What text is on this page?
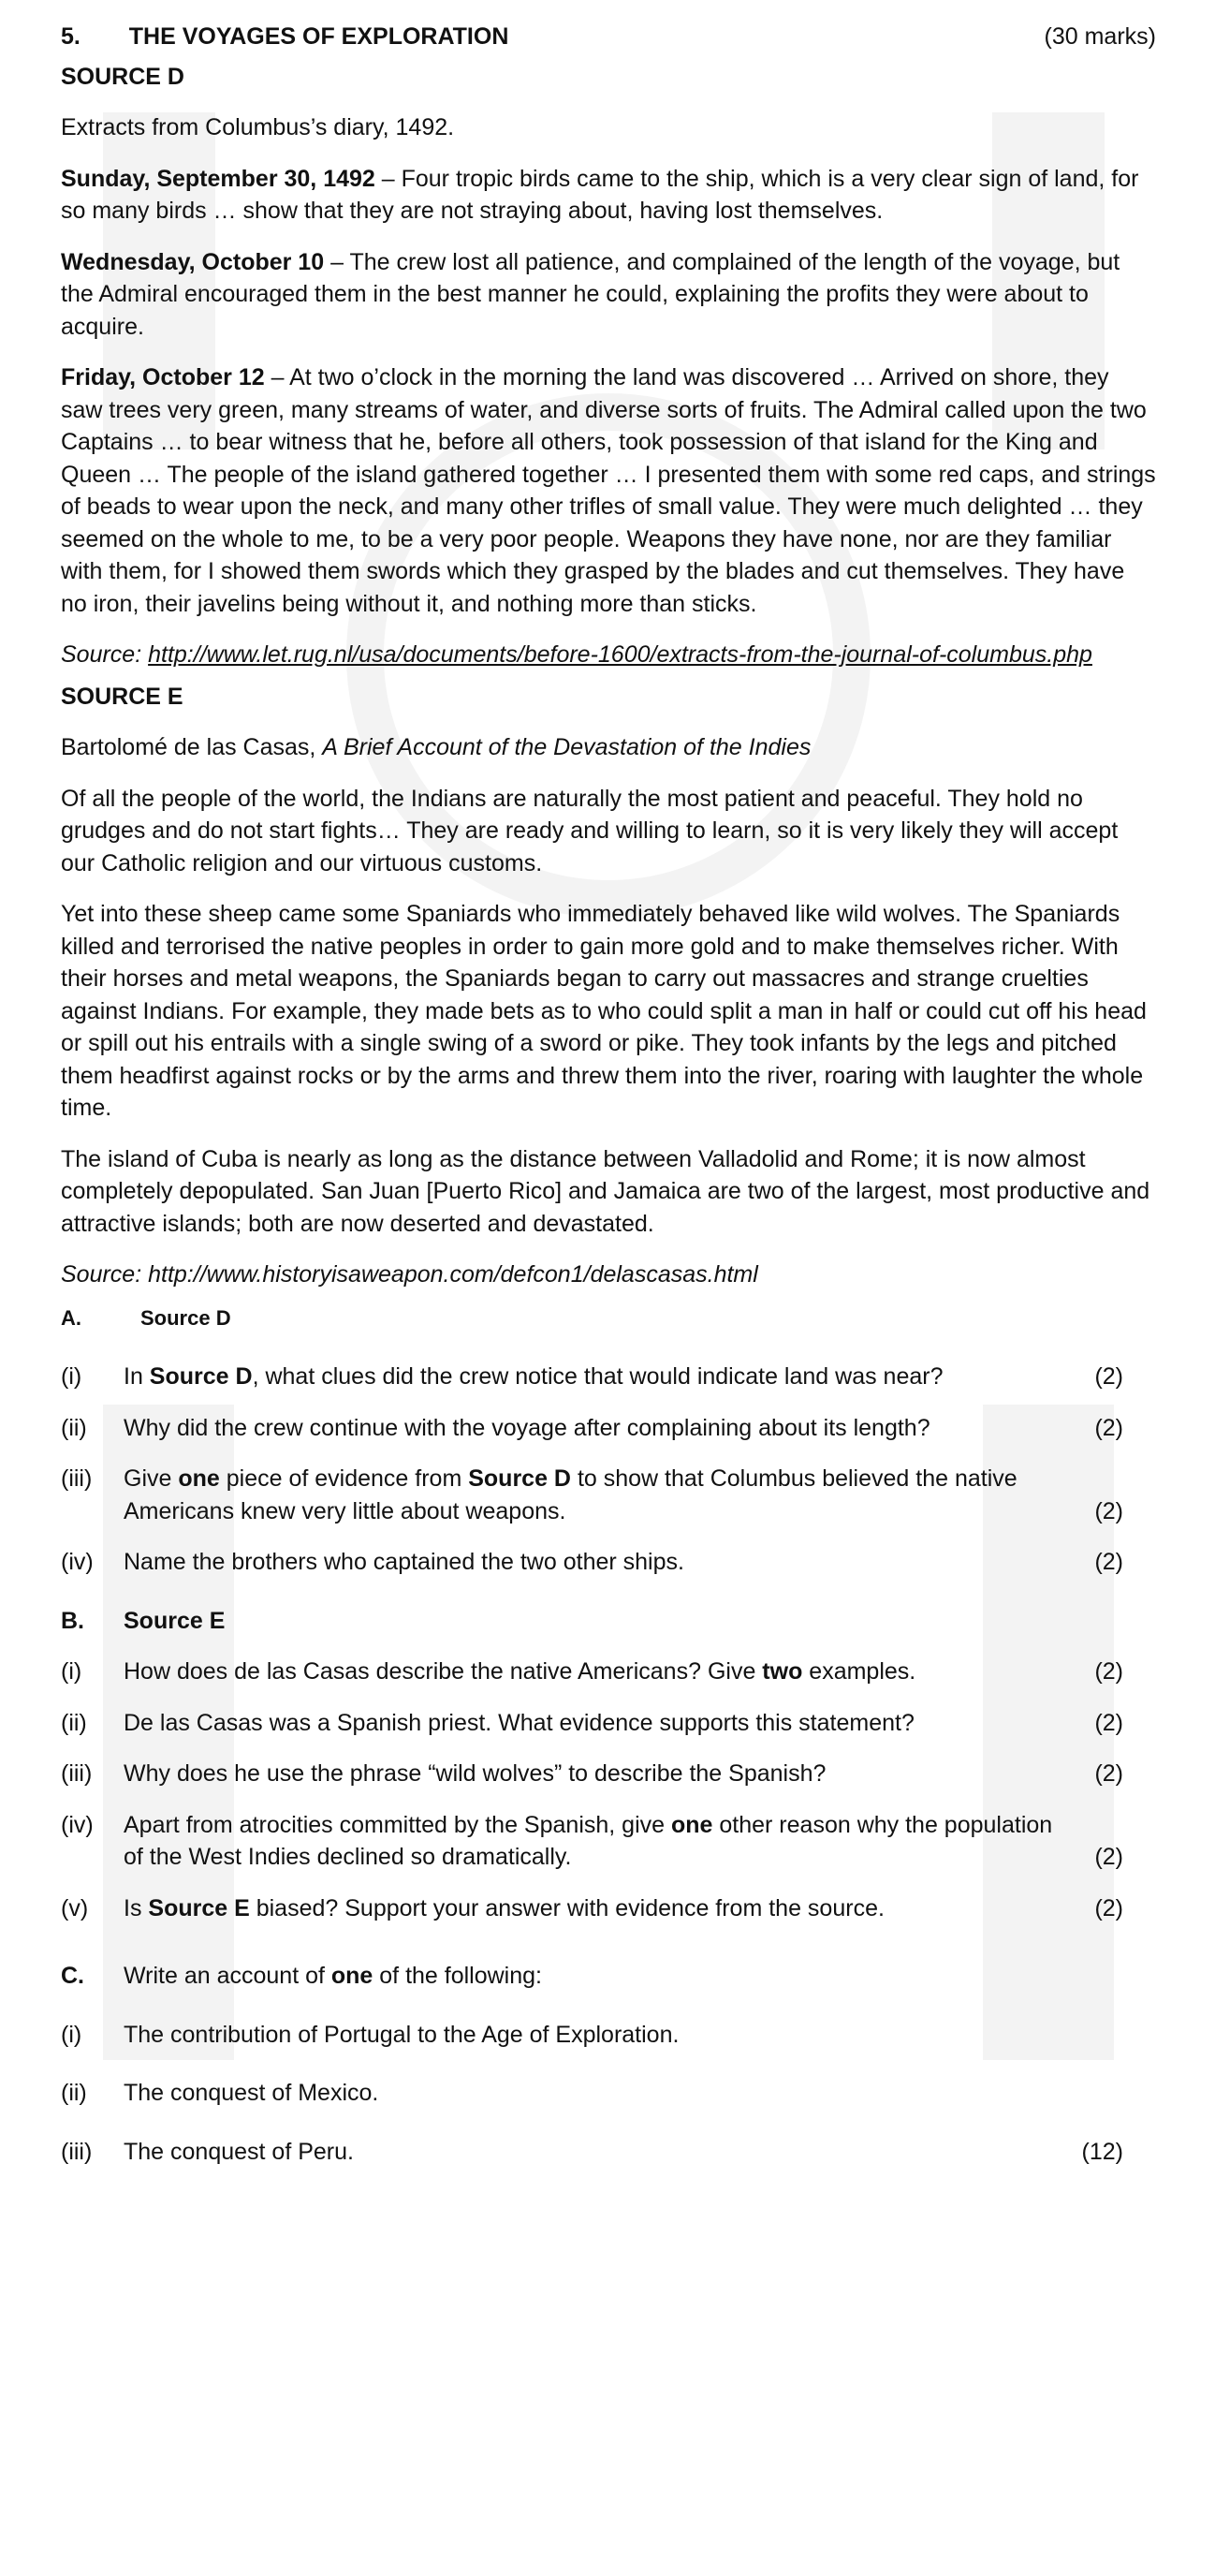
5. THE VOYAGES OF EXPLORATION	(30 marks)

SOURCE D

Extracts from Columbus’s diary, 1492.

Sunday, September 30, 1492 – Four tropic birds came to the ship, which is a very clear sign of land, for so many birds … show that they are not straying about, having lost themselves.

Wednesday, October 10 – The crew lost all patience, and complained of the length of the voyage, but the Admiral encouraged them in the best manner he could, explaining the profits they were about to acquire.

Friday, October 12 – At two o’clock in the morning the land was discovered … Arrived on shore, they saw trees very green, many streams of water, and diverse sorts of fruits. The Admiral called upon the two Captains … to bear witness that he, before all others, took possession of that island for the King and Queen … The people of the island gathered together … I presented them with some red caps, and strings of beads to wear upon the neck, and many other trifles of small value. They were much delighted … they seemed on the whole to me, to be a very poor people. Weapons they have none, nor are they familiar with them, for I showed them swords which they grasped by the blades and cut themselves. They have no iron, their javelins being without it, and nothing more than sticks.

Source: http://www.let.rug.nl/usa/documents/before-1600/extracts-from-the-journal-of-columbus.php

SOURCE E

Bartolomé de las Casas, A Brief Account of the Devastation of the Indies

Of all the people of the world, the Indians are naturally the most patient and peaceful. They hold no grudges and do not start fights… They are ready and willing to learn, so it is very likely they will accept our Catholic religion and our virtuous customs.

Yet into these sheep came some Spaniards who immediately behaved like wild wolves. The Spaniards killed and terrorised the native peoples in order to gain more gold and to make themselves richer. With their horses and metal weapons, the Spaniards began to carry out massacres and strange cruelties against Indians. For example, they made bets as to who could split a man in half or could cut off his head or spill out his entrails with a single swing of a sword or pike. They took infants by the legs and pitched them headfirst against rocks or by the arms and threw them into the river, roaring with laughter the whole time.

The island of Cuba is nearly as long as the distance between Valladolid and Rome; it is now almost completely depopulated. San Juan [Puerto Rico] and Jamaica are two of the largest, most productive and attractive islands; both are now deserted and devastated.

Source: http://www.historyisaweapon.com/defcon1/delascasas.html

A.	Source D
(i)	In Source D, what clues did the crew notice that would indicate land was near?	(2)
(ii)	Why did the crew continue with the voyage after complaining about its length?	(2)
(iii)	Give one piece of evidence from Source D to show that Columbus believed the native Americans knew very little about weapons.	(2)
(iv)	Name the brothers who captained the two other ships.	(2)
B.	Source E
(i)	How does de las Casas describe the native Americans? Give two examples.	(2)
(ii)	De las Casas was a Spanish priest. What evidence supports this statement?	(2)
(iii)	Why does he use the phrase “wild wolves” to describe the Spanish?	(2)
(iv)	Apart from atrocities committed by the Spanish, give one other reason why the population of the West Indies declined so dramatically.	(2)
(v)	Is Source E biased? Support your answer with evidence from the source.	(2)
C.	Write an account of one of the following:
(i)	The contribution of Portugal to the Age of Exploration.
(ii)	The conquest of Mexico.
(iii)	The conquest of Peru.	(12)
